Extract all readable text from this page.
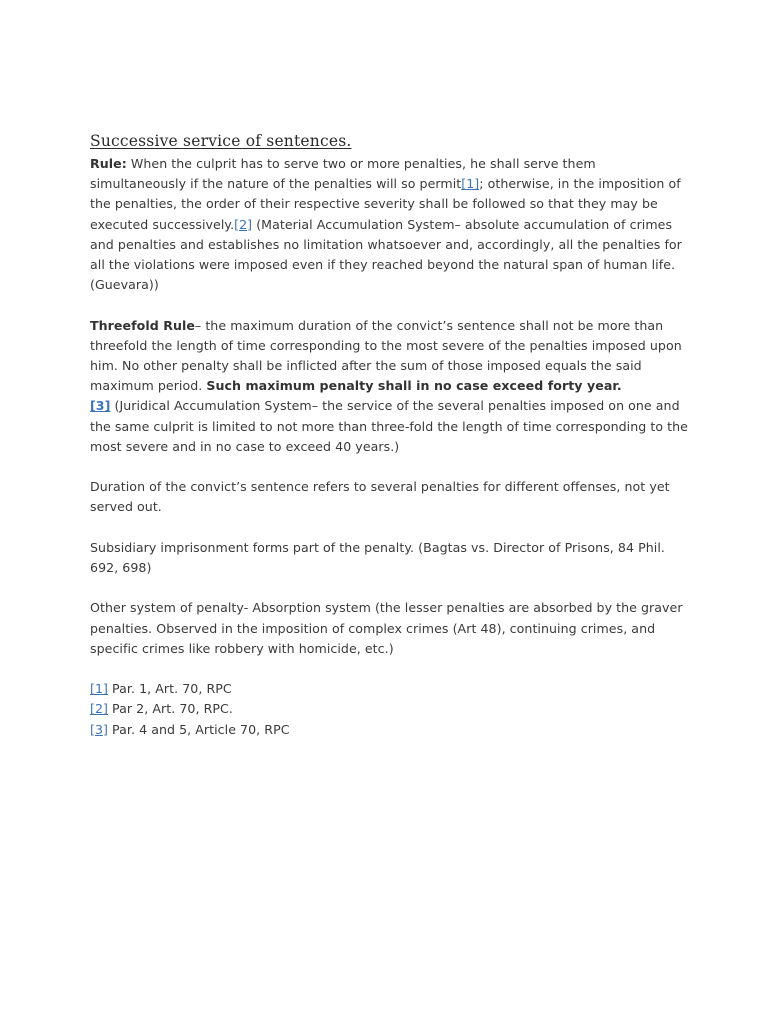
Successive service of sentences.

Rule: When the culprit has to serve two or more penalties, he shall serve them simultaneously if the nature of the penalties will so permit[1]; otherwise, in the imposition of the penalties, the order of their respective severity shall be followed so that they may be executed successively.[2] (Material Accumulation System– absolute accumulation of crimes and penalties and establishes no limitation whatsoever and, accordingly, all the penalties for all the violations were imposed even if they reached beyond the natural span of human life. (Guevara))

Threefold Rule– the maximum duration of the convict’s sentence shall not be more than threefold the length of time corresponding to the most severe of the penalties imposed upon him. No other penalty shall be inflicted after the sum of those imposed equals the said maximum period. Such maximum penalty shall in no case exceed forty year.
[3] (Juridical Accumulation System– the service of the several penalties imposed on one and the same culprit is limited to not more than three-fold the length of time corresponding to the most severe and in no case to exceed 40 years.)

Duration of the convict’s sentence refers to several penalties for different offenses, not yet served out.

Subsidiary imprisonment forms part of the penalty. (Bagtas vs. Director of Prisons, 84 Phil. 692, 698)

Other system of penalty- Absorption system (the lesser penalties are absorbed by the graver penalties. Observed in the imposition of complex crimes (Art 48), continuing crimes, and specific crimes like robbery with homicide, etc.)

[1] Par. 1, Art. 70, RPC

[2] Par 2, Art. 70, RPC.

[3] Par. 4 and 5, Article 70, RPC
